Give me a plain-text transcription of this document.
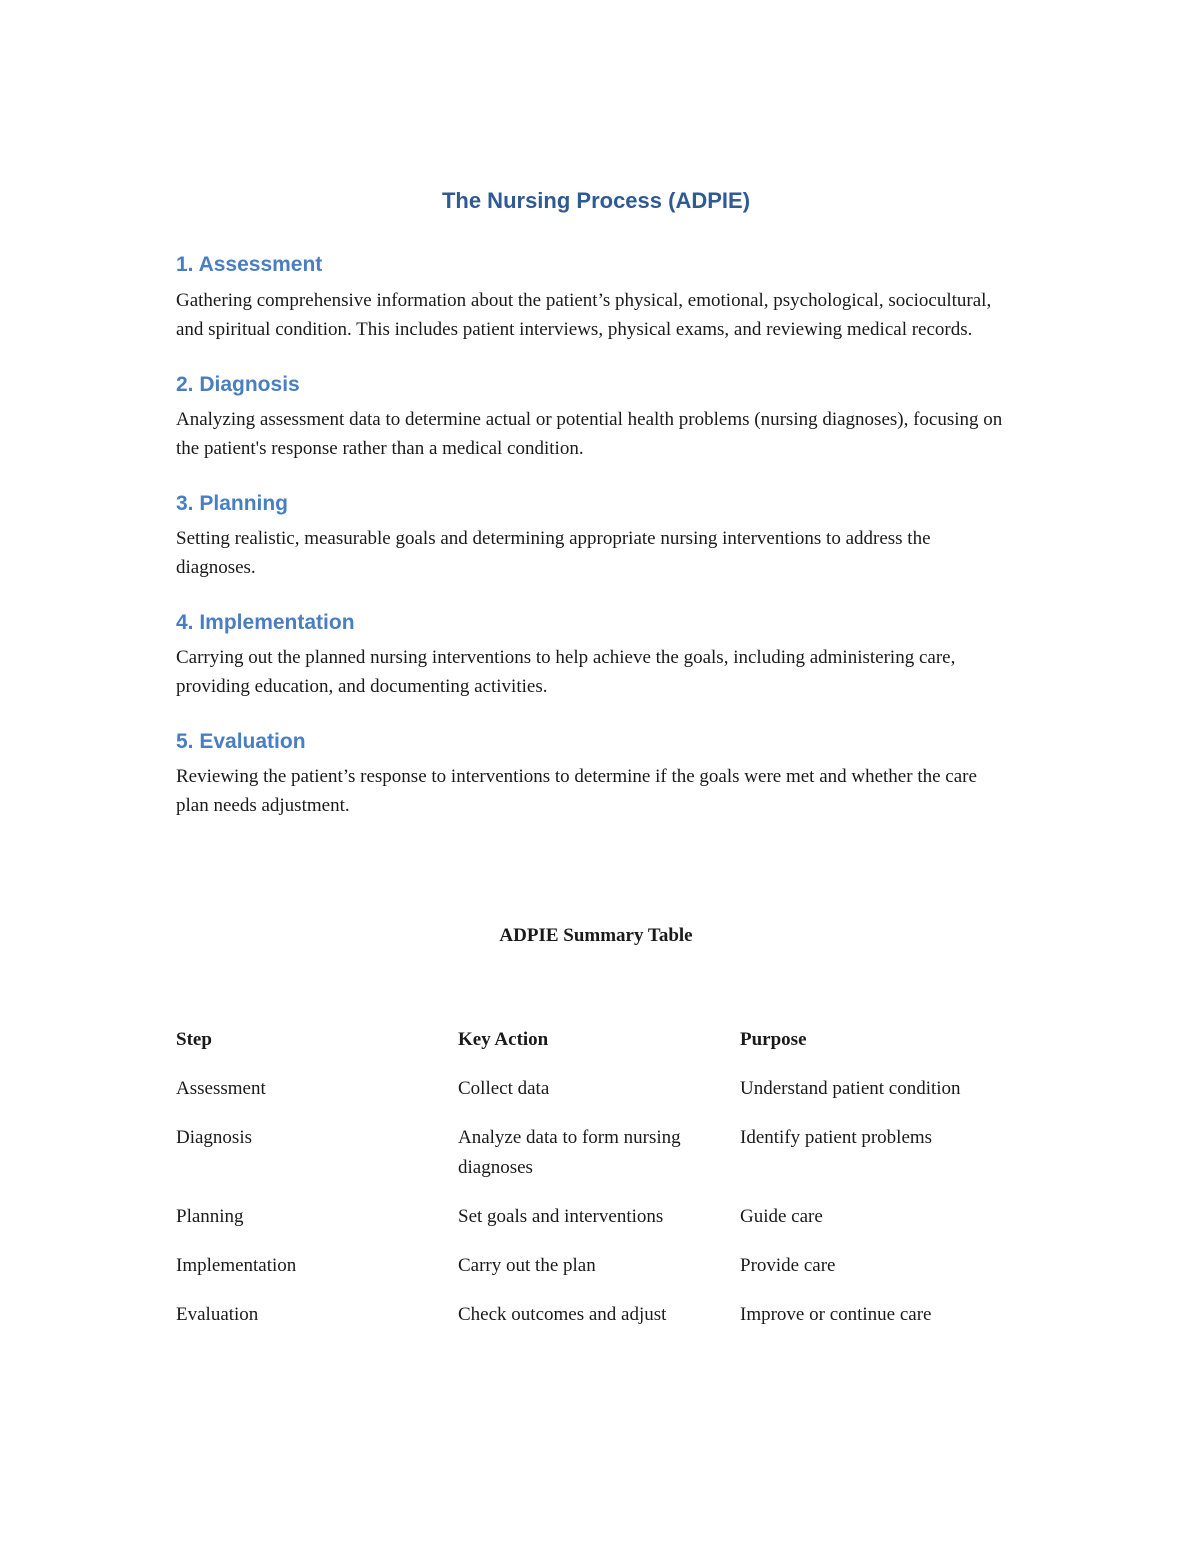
The Nursing Process (ADPIE)
1. Assessment

Gathering comprehensive information about the patient’s physical, emotional, psychological, sociocultural, and spiritual condition. This includes patient interviews, physical exams, and reviewing medical records.

2. Diagnosis

Analyzing assessment data to determine actual or potential health problems (nursing diagnoses), focusing on the patient's response rather than a medical condition.

3. Planning

Setting realistic, measurable goals and determining appropriate nursing interventions to address the diagnoses.

4. Implementation

Carrying out the planned nursing interventions to help achieve the goals, including administering care, providing education, and documenting activities.

5. Evaluation

Reviewing the patient’s response to interventions to determine if the goals were met and whether the care plan needs adjustment.

ADPIE Summary Table
Step	Key Action	Purpose
Assessment	Collect data	Understand patient condition
Diagnosis	Analyze data to form nursing diagnoses	Identify patient problems
Planning	Set goals and interventions	Guide care
Implementation	Carry out the plan	Provide care
Evaluation	Check outcomes and adjust	Improve or continue care
